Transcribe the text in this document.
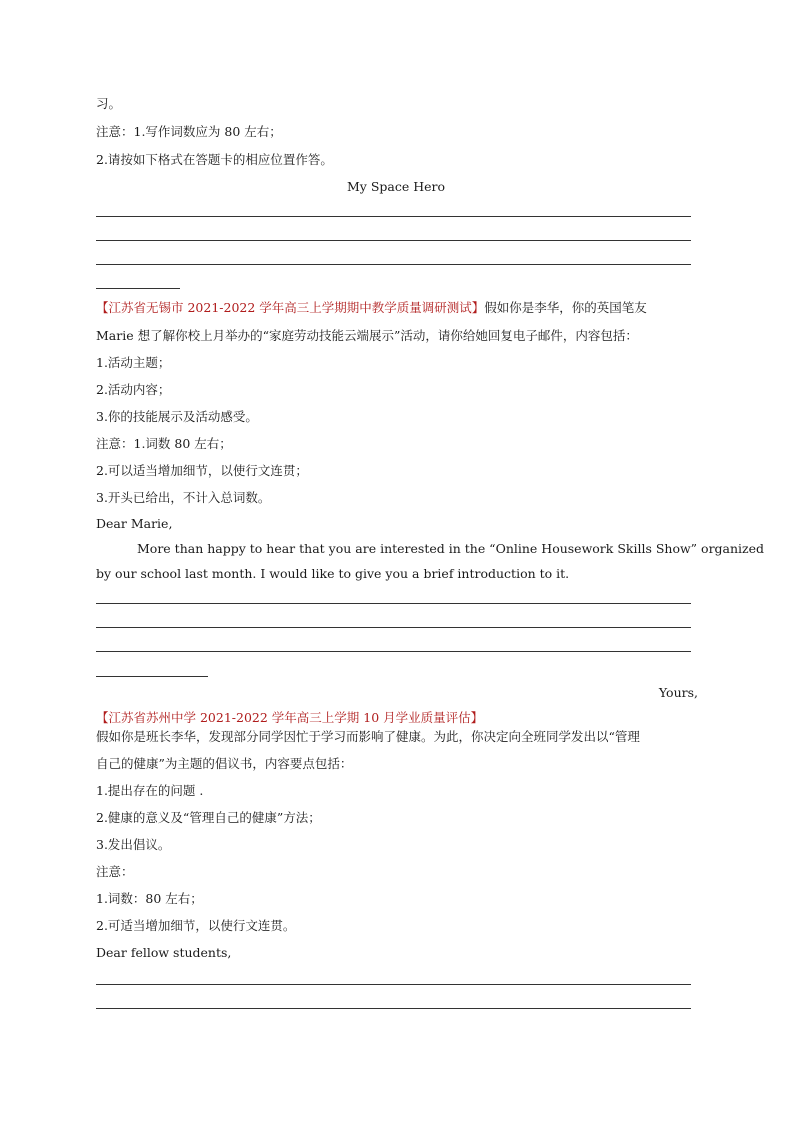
习。
注意：1.写作词数应为 80 左右；
2.请按如下格式在答题卡的相应位置作答。
My Space Hero
【江苏省无锡市 2021-2022 学年高三上学期期中教学质量调研测试】假如你是李华，你的英国笔友
Marie 想了解你校上月举办的“家庭劳动技能云端展示”活动，请你给她回复电子邮件，内容包括：
1.活动主题；
2.活动内容；
3.你的技能展示及活动感受。
注意：1.词数 80 左右；
2.可以适当增加细节，以使行文连贯；
3.开头已给出，不计入总词数。
Dear Marie,
More than happy to hear that you are interested in the “Online Housework Skills Show” organized
by our school last month. I would like to give you a brief introduction to it.
Yours,
【江苏省苏州中学 2021-2022 学年高三上学期 10 月学业质量评估】
假如你是班长李华，发现部分同学因忙于学习而影响了健康。为此，你决定向全班同学发出以“管理
自己的健康”为主题的倡议书，内容要点包括：
1.提出存在的问题 .
2.健康的意义及“管理自己的健康”方法；
3.发出倡议。
注意：
1.词数：80 左右；
2.可适当增加细节，以使行文连贯。
Dear fellow students,
